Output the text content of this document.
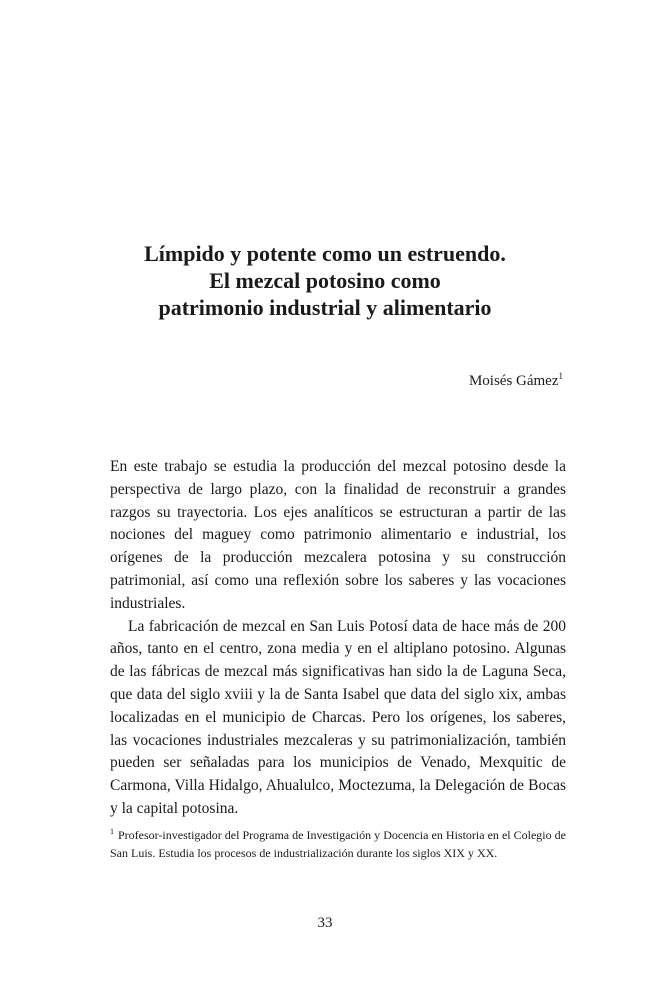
Límpido y potente como un estruendo.
El mezcal potosino como
patrimonio industrial y alimentario
Moisés Gámez$^1$

En este trabajo se estudia la producción del mezcal potosino desde la perspectiva de largo plazo, con la finalidad de reconstruir a grandes razgos su trayectoria. Los ejes analíticos se estructuran a partir de las nociones del maguey como patrimonio alimentario e industrial, los orígenes de la producción mezcalera potosina y su construcción patrimonial, así como una reflexión sobre los saberes y las vocaciones industriales.

La fabricación de mezcal en San Luis Potosí data de hace más de 200 años, tanto en el centro, zona media y en el altiplano potosino. Algunas de las fábricas de mezcal más significativas han sido la de Laguna Seca, que data del siglo xviii y la de Santa Isabel que data del siglo xix, ambas localizadas en el municipio de Charcas. Pero los orígenes, los saberes, las vocaciones industriales mezcaleras y su patrimonialización, también pueden ser señaladas para los municipios de Venado, Mexquitic de Carmona, Villa Hidalgo, Ahualulco, Moctezuma, la Delegación de Bocas y la capital potosina.

$^1$ Profesor-investigador del Programa de Investigación y Docencia en Historia en el Colegio de San Luis. Estudia los procesos de industrialización durante los siglos XIX y XX.
33
